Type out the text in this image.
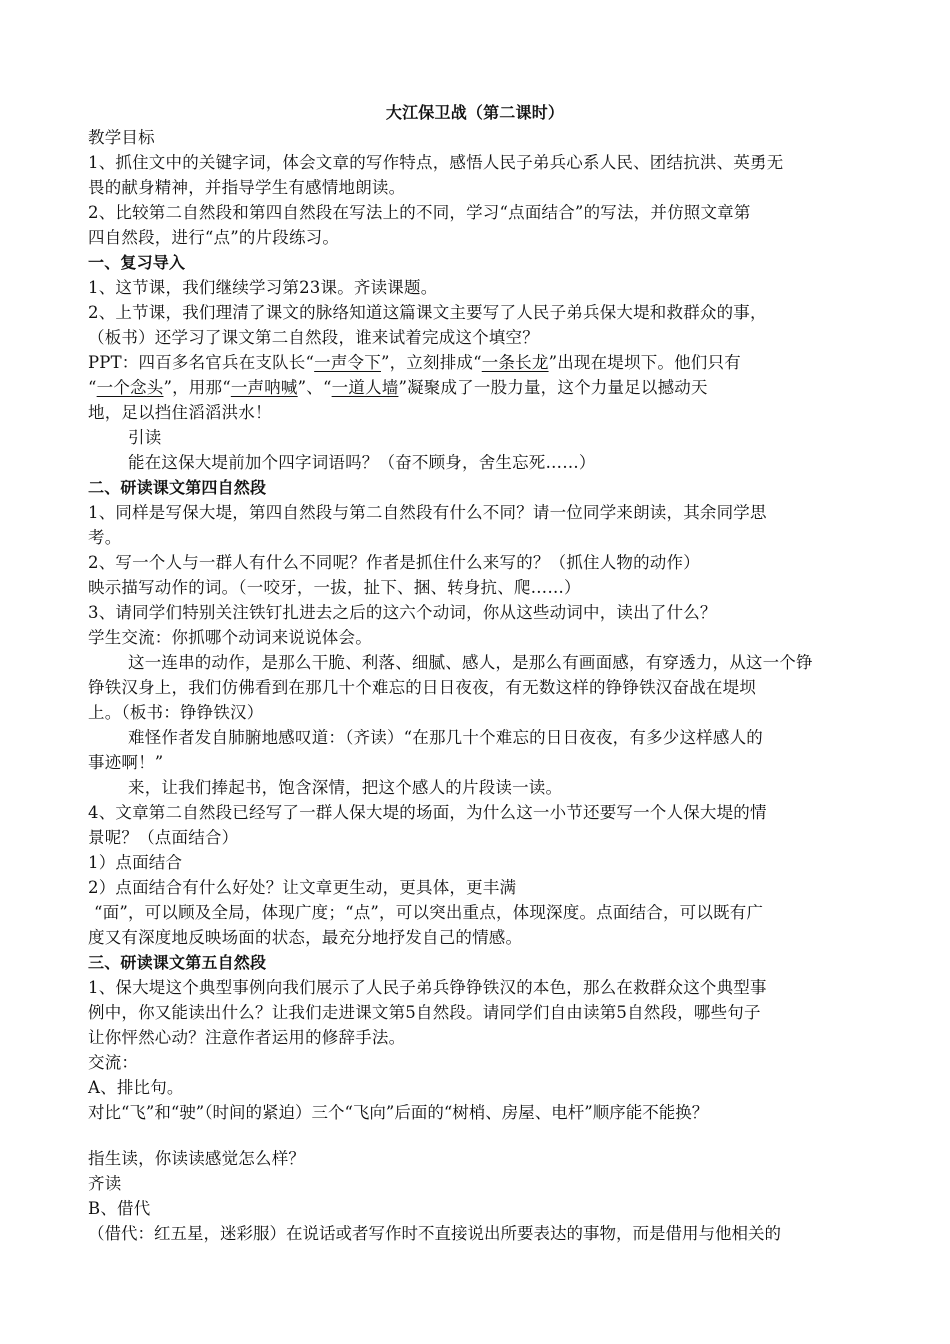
大江保卫战（第二课时）
教学目标
1、抓住文中的关键字词，体会文章的写作特点，感悟人民子弟兵心系人民、团结抗洪、英勇无
畏的献身精神，并指导学生有感情地朗读。
2、比较第二自然段和第四自然段在写法上的不同，学习“点面结合”的写法，并仿照文章第
四自然段，进行“点”的片段练习。
一、复习导入
1、这节课，我们继续学习第23课。齐读课题。
2、上节课，我们理清了课文的脉络知道这篇课文主要写了人民子弟兵保大堤和救群众的事，
（板书）还学习了课文第二自然段，谁来试着完成这个填空？
PPT：四百多名官兵在支队长“一声令下”，立刻排成“一条长龙”出现在堤坝下。他们只有
“一个念头”，用那“一声呐喊”、“一道人墙”凝聚成了一股力量，这个力量足以撼动天
地，足以挡住滔滔洪水！
引读
能在这保大堤前加个四字词语吗？（奋不顾身，舍生忘死……）
二、研读课文第四自然段
1、同样是写保大堤，第四自然段与第二自然段有什么不同？请一位同学来朗读，其余同学思
考。
2、写一个人与一群人有什么不同呢？作者是抓住什么来写的？（抓住人物的动作）
映示描写动作的词。（一咬牙，一拔，扯下、捆、转身抗、爬……）
3、请同学们特别关注铁钉扎进去之后的这六个动词，你从这些动词中，读出了什么？
学生交流：你抓哪个动词来说说体会。
这一连串的动作，是那么干脆、利落、细腻、感人，是那么有画面感，有穿透力，从这一个铮
铮铁汉身上，我们仿佛看到在那几十个难忘的日日夜夜，有无数这样的铮铮铁汉奋战在堤坝
上。（板书：铮铮铁汉）
难怪作者发自肺腑地感叹道：（齐读）“在那几十个难忘的日日夜夜，有多少这样感人的
事迹啊！”
来，让我们捧起书，饱含深情，把这个感人的片段读一读。
4、文章第二自然段已经写了一群人保大堤的场面，为什么这一小节还要写一个人保大堤的情
景呢？（点面结合）
1）点面结合
2）点面结合有什么好处？让文章更生动，更具体，更丰满
“面”，可以顾及全局，体现广度；“点”，可以突出重点，体现深度。点面结合，可以既有广
度又有深度地反映场面的状态，最充分地抒发自己的情感。
三、研读课文第五自然段
1、保大堤这个典型事例向我们展示了人民子弟兵铮铮铁汉的本色，那么在救群众这个典型事
例中，你又能读出什么？让我们走进课文第5自然段。请同学们自由读第5自然段，哪些句子
让你怦然心动？注意作者运用的修辞手法。
交流：
A、排比句。
对比“飞”和“驶”（时间的紧迫）三个“飞向”后面的“树梢、房屋、电杆”顺序能不能换？
指生读，你读读感觉怎么样？
齐读
B、借代
（借代：红五星，迷彩服）在说话或者写作时不直接说出所要表达的事物，而是借用与他相关的
